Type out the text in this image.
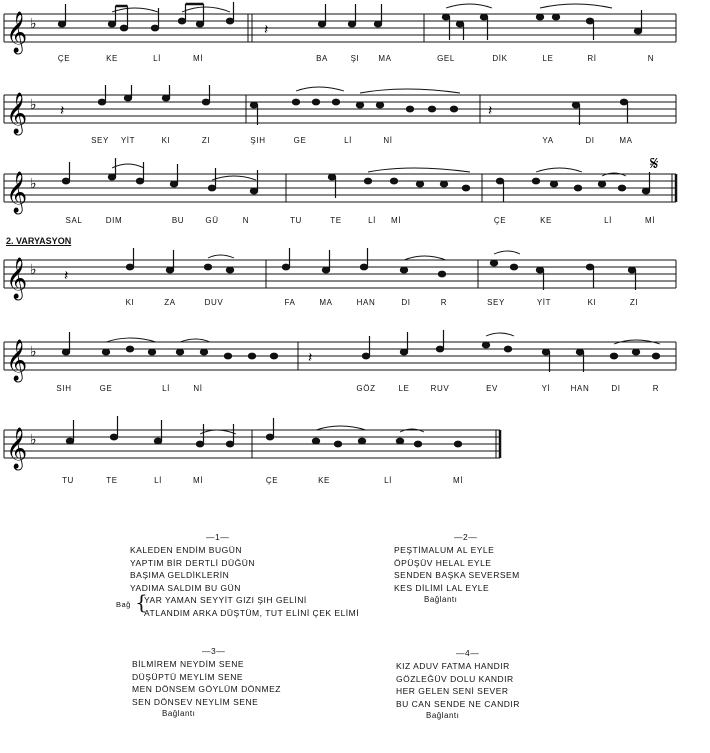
𝄞 ♭	𝄽
ÇE	KE	Lİ	Mİ	BA	ŞI MA	GEL	DİK	LE	Rİ	N
𝄞 ♭ 𝄽	𝄽
SEY YİT	KI	ZI	ŞIH	GE	Lİ	Nİ	YA	DI	MA
𝄞 ♭
𝄋
SAL	DIM	BU	GÜ	N	TU	TE	Lİ Mİ	ÇE	KE	Lİ	Mİ
2. VARYASYON
𝄞 ♭ 𝄽
KI	ZA	DUV	FA	MA	HAN	DI	R	SEY	YİT	KI	ZI
𝄞 ♭	𝄽
SIH	GE	Lİ	Nİ	GÖZ	LE	RUV	EV	Yİ	HAN	DI	R
𝄞 ♭
TU	TE	Lİ	Mİ	ÇE	KE	Lİ	Mİ
—1—
KALEDEN ENDİM BUGÜN
YAPTIM BİR DERTLİ DÜĞÜN
BAŞIMA GELDİKLERİN
YADIMA SALDIM BU GÜN
Bağ {
YAR YAMAN SEYYİT GIZI ŞIH GELİNİ
ATLANDIM ARKA DÜŞTÜM, TUT ELİNİ ÇEK ELİMİ
—2—
PEŞTİMALUM AL EYLE
ÖPÜŞÜV HELAL EYLE
SENDEN BAŞKA SEVERSEM
KES DİLİMİ LAL EYLE
Bağlantı
—3—
BİLMİREM NEYDİM SENE
DÜŞÜPTÜ MEYLİM SENE
MEN DÖNSEM GÖYLÜM DÖNMEZ
SEN DÖNSEV NEYLİM SENE
Bağlantı
—4—
KIZ ADUV FATMA HANDIR
GÖZLEĞÜV DOLU KANDIR
HER GELEN SENİ SEVER
BU CAN SENDE NE CANDIR
Bağlantı
